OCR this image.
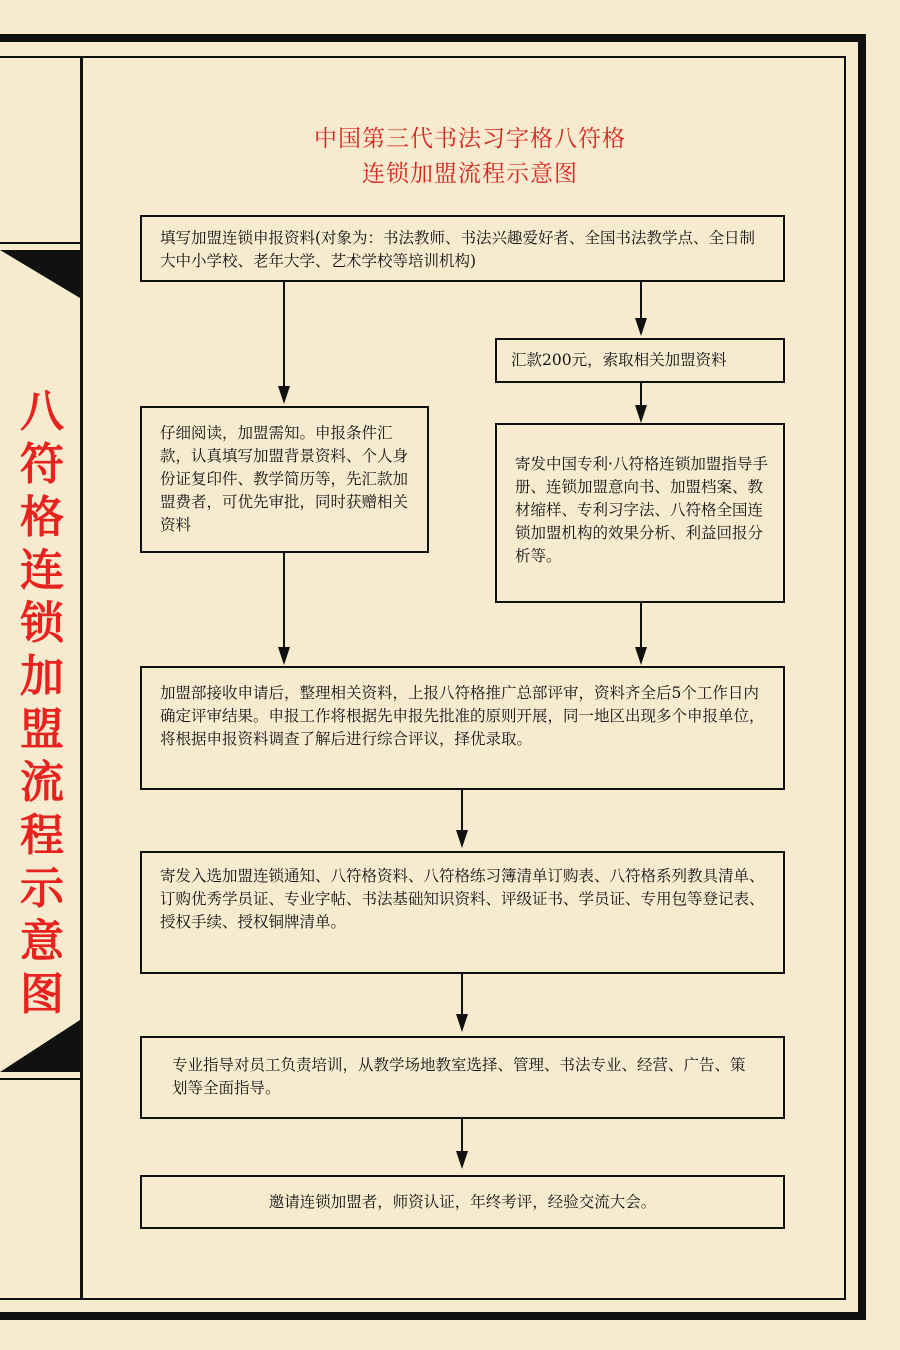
八
符
格
连
锁
加
盟
流
程
示
意
图
中国第三代书法习字格八符格
连锁加盟流程示意图
填写加盟连锁申报资料(对象为：书法教师、书法兴趣爱好者、全国书法教学点、全日制大中小学校、老年大学、艺术学校等培训机构)
汇款200元，索取相关加盟资料
仔细阅读，加盟需知。申报条件汇款，认真填写加盟背景资料、个人身份证复印件、教学简历等，先汇款加盟费者，可优先审批，同时获赠相关资料
寄发中国专利·八符格连锁加盟指导手册、连锁加盟意向书、加盟档案、教材缩样、专利习字法、八符格全国连锁加盟机构的效果分析、利益回报分析等。
加盟部接收申请后，整理相关资料，上报八符格推广总部评审，资料齐全后5个工作日内确定评审结果。申报工作将根据先申报先批准的原则开展，同一地区出现多个申报单位，将根据申报资料调查了解后进行综合评议，择优录取。
寄发入选加盟连锁通知、八符格资料、八符格练习簿清单订购表、八符格系列教具清单、订购优秀学员证、专业字帖、书法基础知识资料、评级证书、学员证、专用包等登记表、授权手续、授权铜牌清单。
专业指导对员工负责培训，从教学场地教室选择、管理、书法专业、经营、广告、策划等全面指导。
邀请连锁加盟者，师资认证，年终考评，经验交流大会。
